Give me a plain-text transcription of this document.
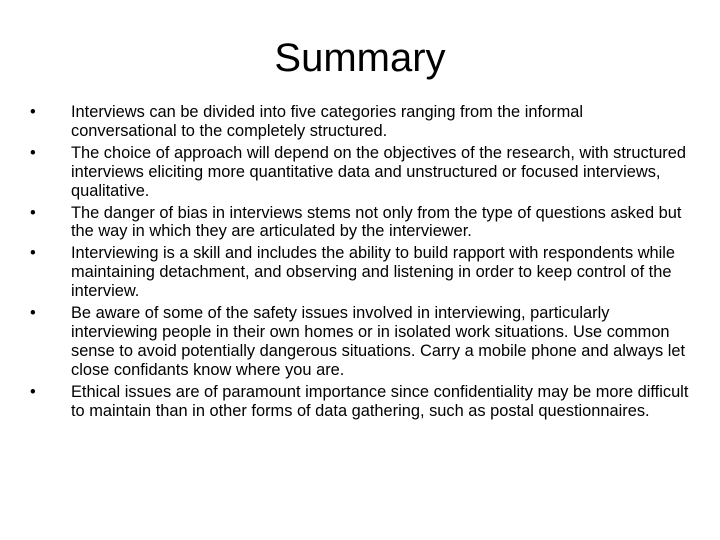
Summary
•	Interviews can be divided into five categories ranging from the informal conversational to the completely structured.
•	The choice of approach will depend on the objectives of the research, with structured interviews eliciting more quantitative data and unstructured or focused interviews, qualitative.
•	The danger of bias in interviews stems not only from the type of questions asked but the way in which they are articulated by the interviewer.
•	Interviewing is a skill and includes the ability to build rapport with respondents while maintaining detachment, and observing and listening in order to keep control of the interview.
•	Be aware of some of the safety issues involved in interviewing, particularly interviewing people in their own homes or in isolated work situations. Use common sense to avoid potentially dangerous situations. Carry a mobile phone and always let close confidants know where you are.
•	Ethical issues are of paramount importance since confidentiality may be more difficult to maintain than in other forms of data gathering, such as postal questionnaires.
